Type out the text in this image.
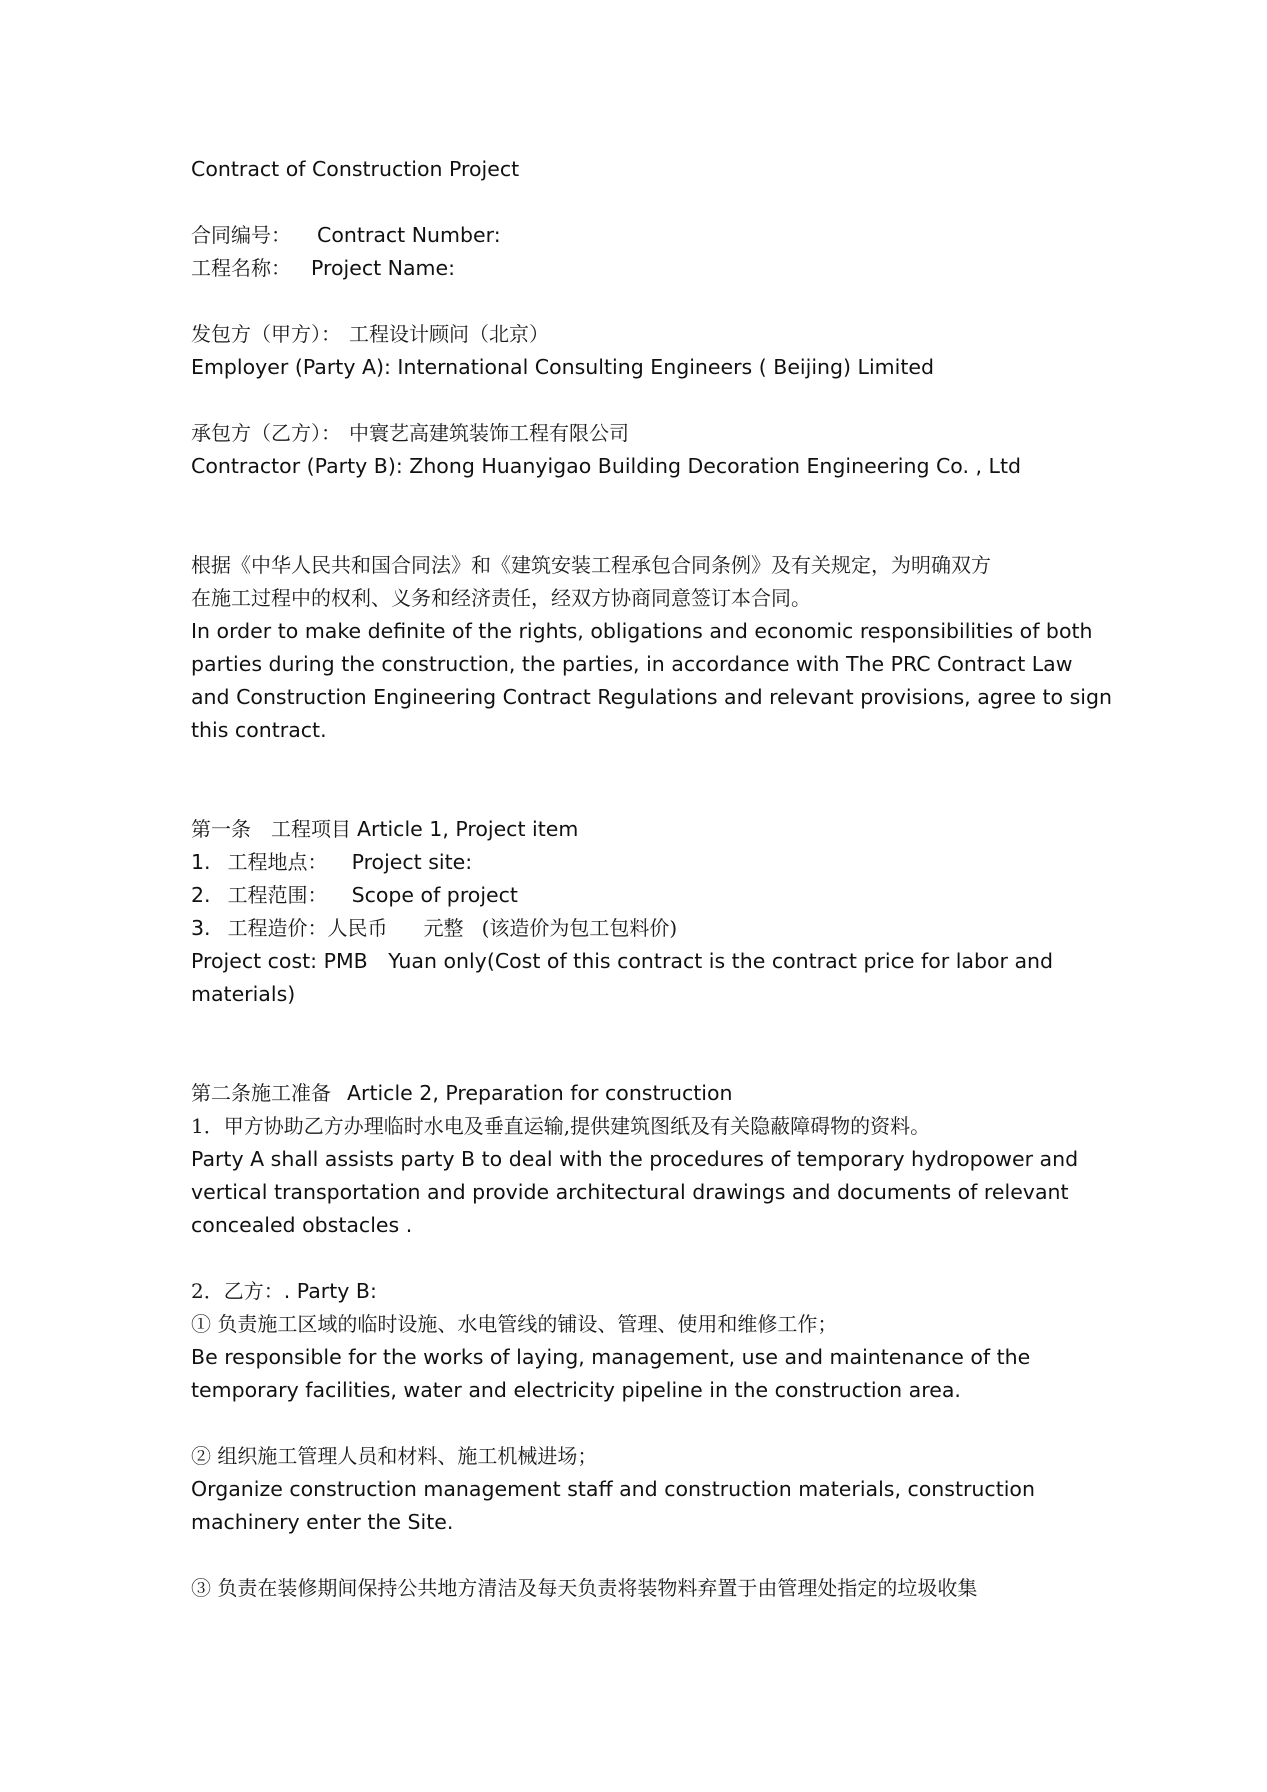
Contract of Construction Project
合同编号： Contract Number:
工程名称： Project Name:
发包方（甲方）： 工程设计顾问（北京）
Employer (Party A): International Consulting Engineers ( Beijing) Limited
承包方（乙方）： 中寰艺高建筑装饰工程有限公司
Contractor (Party B): Zhong Huanyigao Building Decoration Engineering Co. , Ltd
根据《中华人民共和国合同法》和《建筑安装工程承包合同条例》及有关规定，为明确双方
在施工过程中的权利、义务和经济责任，经双方协商同意签订本合同。
In order to make definite of the rights, obligations and economic responsibilities of both
parties during the construction, the parties, in accordance with The PRC Contract Law
and Construction Engineering Contract Regulations and relevant provisions, agree to sign
this contract.
第一条　工程项目 Article 1, Project item
1. 工程地点： Project site:
2. 工程范围： Scope of project
3. 工程造价：人民币 元整 (该造价为包工包料价)
Project cost: PMB　Yuan only(Cost of this contract is the contract price for labor and
materials)
第二条施工准备 Article 2, Preparation for construction
1．甲方协助乙方办理临时水电及垂直运输,提供建筑图纸及有关隐蔽障碍物的资料。
Party A shall assists party B to deal with the procedures of temporary hydropower and
vertical transportation and provide architectural drawings and documents of relevant
concealed obstacles .
2．乙方：. Party B:
① 负责施工区域的临时设施、水电管线的铺设、管理、使用和维修工作；
Be responsible for the works of laying, management, use and maintenance of the
temporary facilities, water and electricity pipeline in the construction area.
② 组织施工管理人员和材料、施工机械进场；
Organize construction management staff and construction materials, construction
machinery enter the Site.
③ 负责在装修期间保持公共地方清洁及每天负责将装物料弃置于由管理处指定的垃圾收集
